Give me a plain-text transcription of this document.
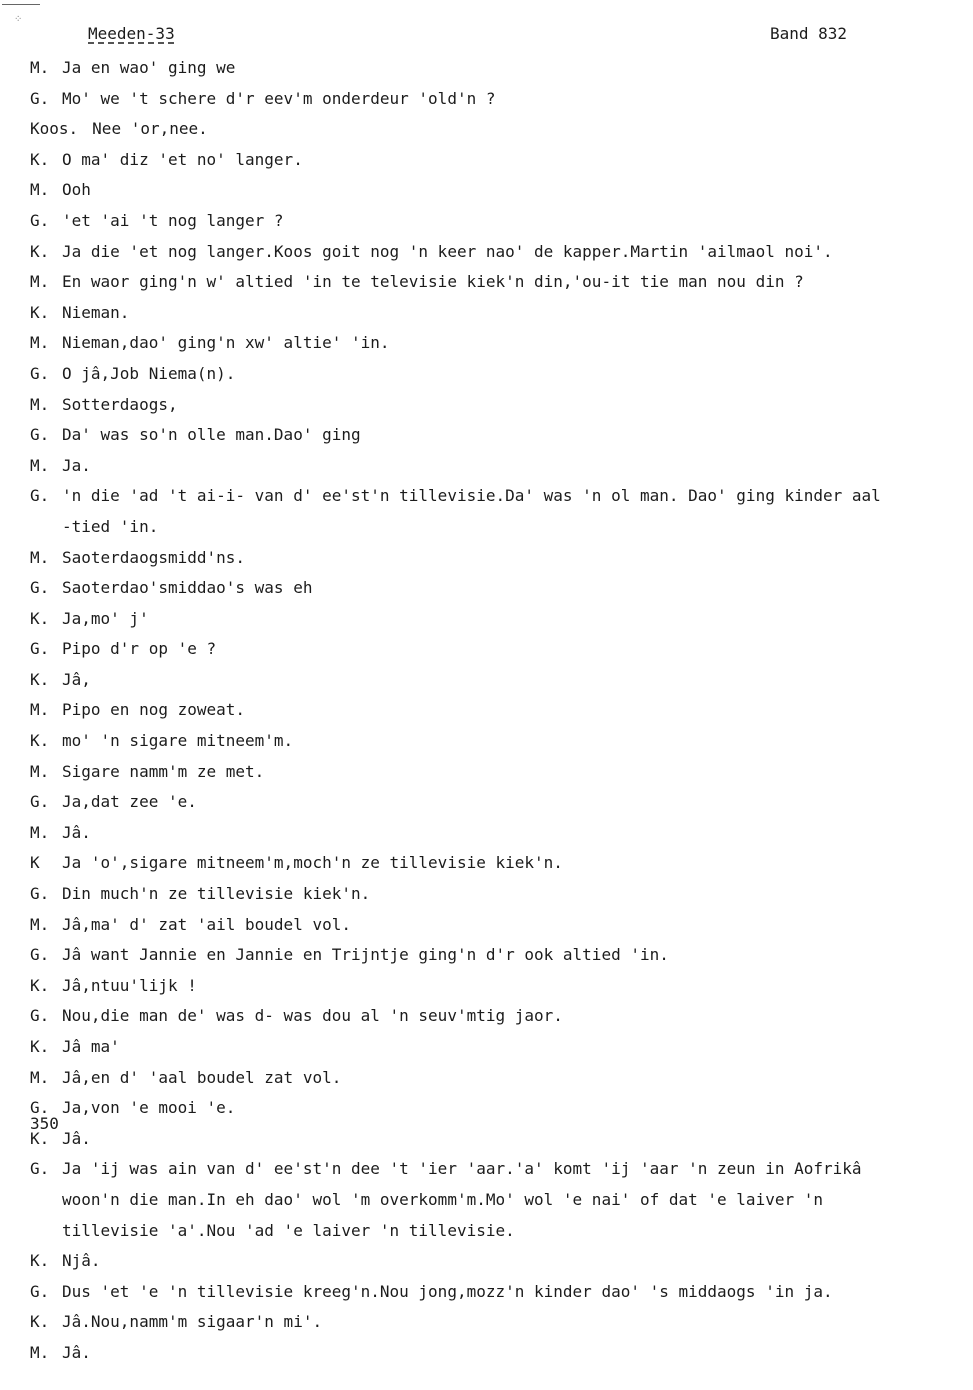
⁘
Meeden-33	Band 832
M. Ja en wao' ging we
G. Mo' we 't schere d'r eev'm onderdeur 'old'n ?
Koos. Nee 'or,nee.
K. O ma' diz 'et no' langer.
M. Ooh
G. 'et 'ai 't nog langer ?
K. Ja die 'et nog langer.Koos goit nog 'n keer nao' de kapper.Martin 'ailmaol noi'.
M. En waor ging'n w' altied 'in te televisie kiek'n din,'ou-it tie man nou din ?
K. Nieman.
M. Nieman,dao' ging'n xw' altie' 'in.
G. O jâ,Job Niema(n).
M. Sotterdaogs,
G. Da' was so'n olle man.Dao' ging
M. Ja.
G. 'n die 'ad 't ai-i- van d' ee'st'n tillevisie.Da' was 'n ol man. Dao' ging kinder aal
-tied 'in.
M. Saoterdaogsmidd'ns.
G. Saoterdao'smiddao's was eh
K. Ja,mo' j'
G. Pipo d'r op 'e ?
K. Jâ,
M. Pipo en nog zoweat.
K. mo' 'n sigare mitneem'm.
M. Sigare namm'm ze met.
G. Ja,dat zee 'e.
M. Jâ.
K	Ja 'o',sigare mitneem'm,moch'n ze tillevisie kiek'n.
G. Din much'n ze tillevisie kiek'n.
M. Jâ,ma' d' zat 'ail boudel vol.
G. Jâ want Jannie en Jannie en Trijntje ging'n d'r ook altied 'in.
K. Jâ,ntuu'lijk !
G. Nou,die man de' was d- was dou al 'n seuv'mtig jaor.
K. Jâ ma'
M. Jâ,en d' 'aal boudel zat vol.
G. Ja,von 'e mooi 'e.
K. Jâ.
G. Ja 'ij was ain van d' ee'st'n dee 't 'ier 'aar.'a' komt 'ij 'aar 'n zeun in Aofrikâ
woon'n die man.In eh dao' wol 'm overkomm'm.Mo' wol 'e nai' of dat 'e laiver 'n
tillevisie 'a'.Nou 'ad 'e laiver 'n tillevisie.
K. Njâ.
G. Dus 'et 'e 'n tillevisie kreeg'n.Nou jong,mozz'n kinder dao' 's middaogs 'in ja.
K. Jâ.Nou,namm'm sigaar'n mi'.
M. Jâ.
350
